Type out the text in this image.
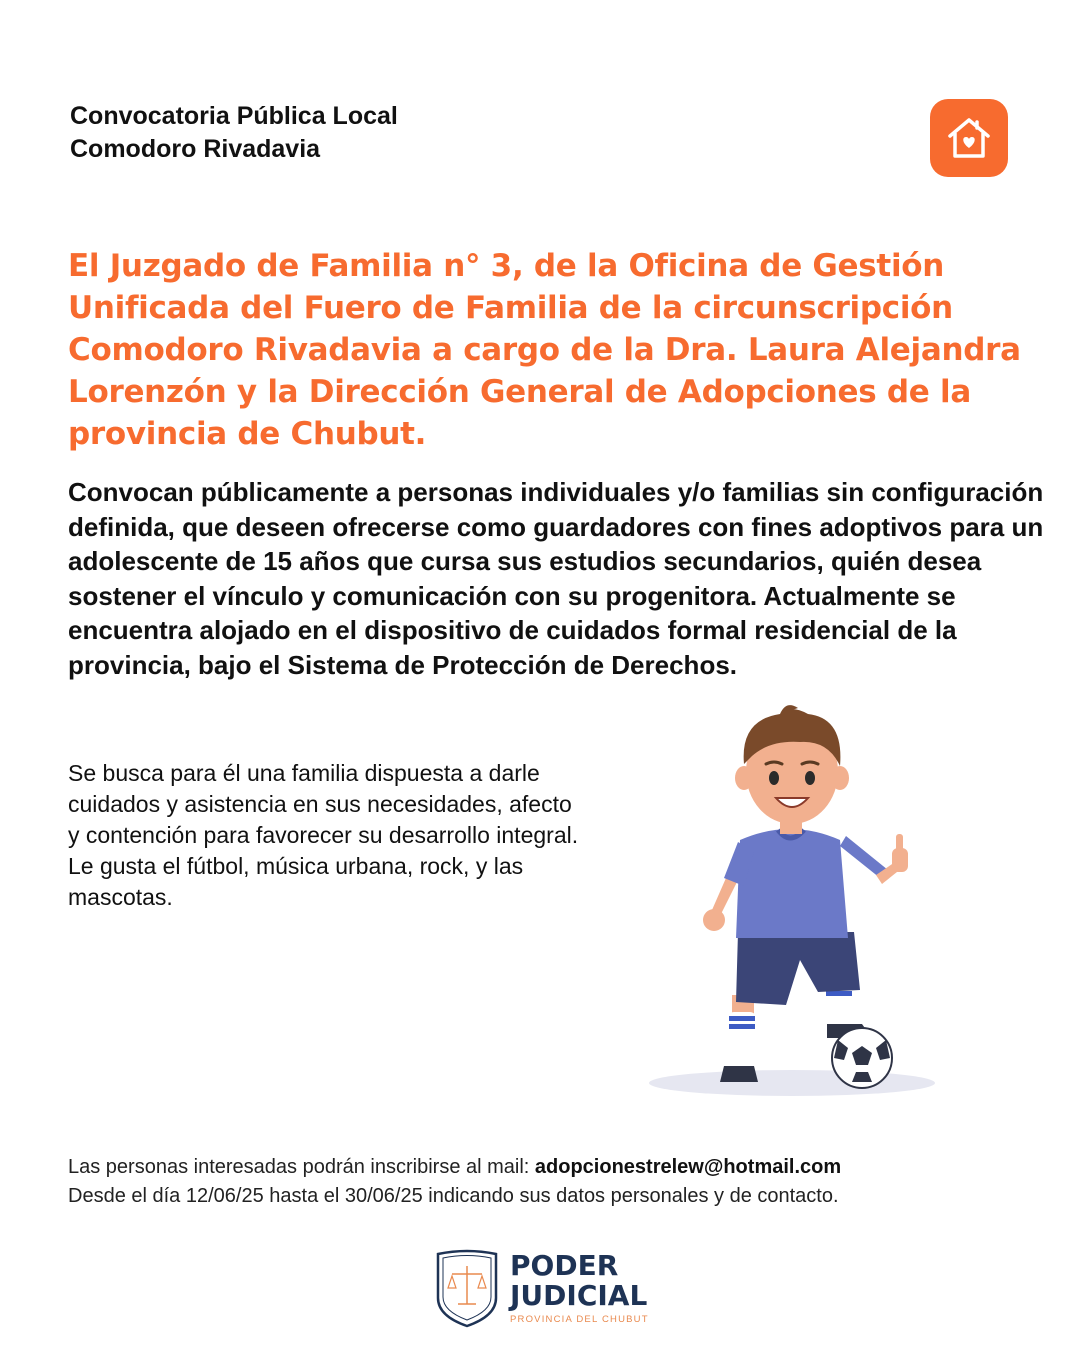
Convocatoria Pública Local
Comodoro Rivadavia
El Juzgado de Familia n° 3, de la Oficina de Gestión Unificada del Fuero de Familia de la circunscripción Comodoro Rivadavia a cargo de la Dra. Laura Alejandra Lorenzón y la Dirección General de Adopciones de la provincia de Chubut.
Convocan públicamente a personas individuales y/o familias sin configuración definida, que deseen ofrecerse como guardadores con fines adoptivos para un adolescente de 15 años que cursa sus estudios secundarios, quién desea sostener el vínculo y comunicación con su progenitora. Actualmente se encuentra alojado en el dispositivo de cuidados formal residencial de la provincia, bajo el Sistema de Protección de Derechos.

Se busca para él una familia dispuesta a darle cuidados y asistencia en sus necesidades, afecto y contención para favorecer su desarrollo integral.

Le gusta el fútbol, música urbana, rock, y las mascotas.

Las personas interesadas podrán inscribirse al mail: adopcionestrelew@hotmail.com
Desde el día 12/06/25 hasta el 30/06/25 indicando sus datos personales y de contacto.
PODER
JUDICIAL
PROVINCIA DEL CHUBUT
